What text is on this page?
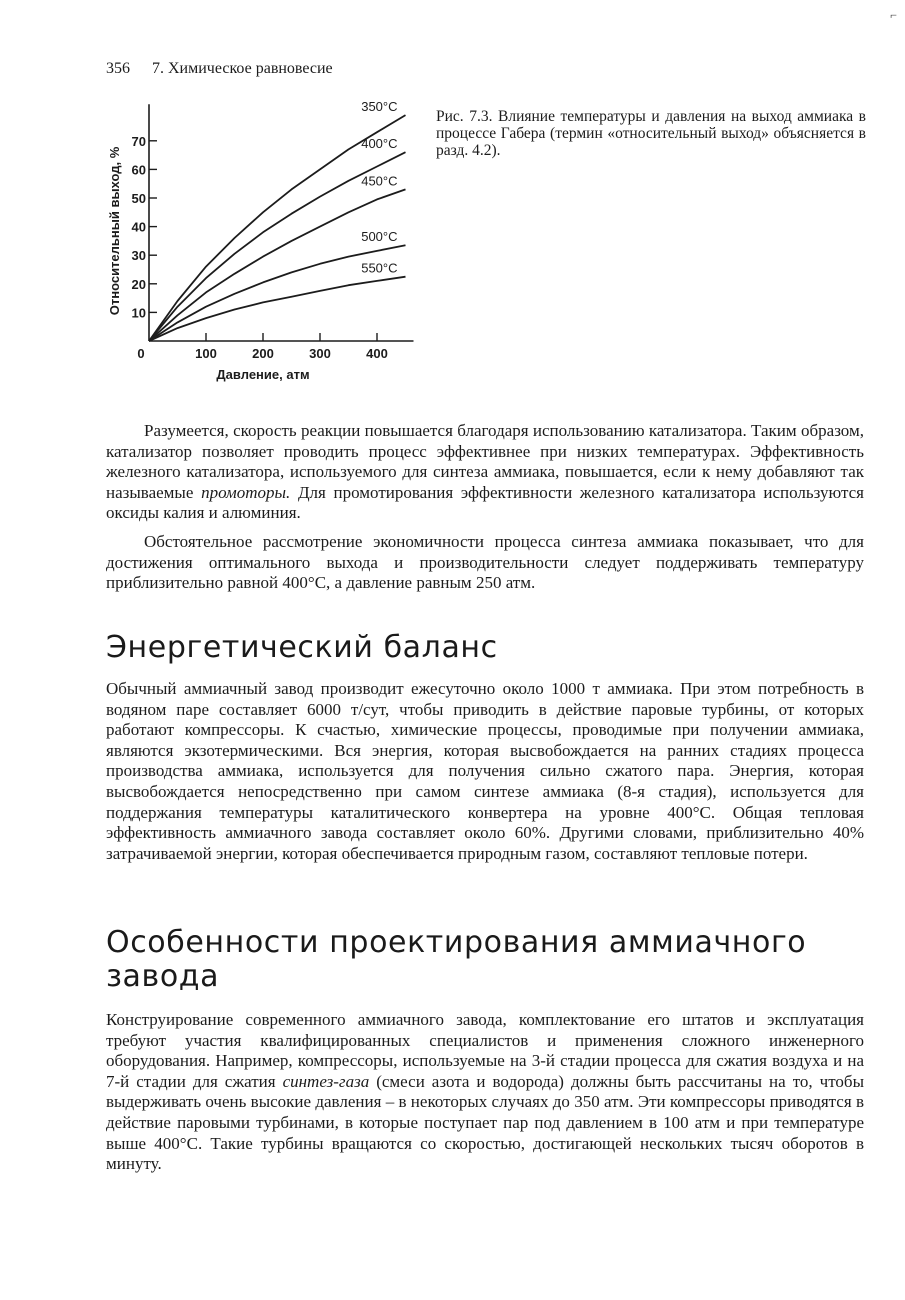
356 7. Химическое равновесие
⌐
10
20
30
40
50
60
70
0	100	200	300	400
Давление, атм
Относительный выход, %
350°C
400°C
450°C
500°C
550°C
Рис. 7.3. Влияние температуры и давления на выход аммиака в процессе Габера (термин «относительный выход» объясняется в разд. 4.2).

Разумеется, скорость реакции повышается благодаря использованию катализатора. Таким образом, катализатор позволяет проводить процесс эффективнее при низких температурах. Эффективность железного катализатора, используемого для синтеза аммиака, повышается, если к нему добавляют так называемые промоторы. Для промотирования эффективности железного катализатора используются оксиды калия и алюминия.

Обстоятельное рассмотрение экономичности процесса синтеза аммиака показывает, что для достижения оптимального выхода и производительности следует поддерживать температуру приблизительно равной 400°С, а давление равным 250 атм.

Энергетический баланс

Обычный аммиачный завод производит ежесуточно около 1000 т аммиака. При этом потребность в водяном паре составляет 6000 т/сут, чтобы приводить в действие паровые турбины, от которых работают компрессоры. К счастью, химические процессы, проводимые при получении аммиака, являются экзотермическими. Вся энергия, которая высвобождается на ранних стадиях процесса производства аммиака, используется для получения сильно сжатого пара. Энергия, которая высвобождается непосредственно при самом синтезе аммиака (8-я стадия), используется для поддержания температуры каталитического конвертера на уровне 400°С. Общая тепловая эффективность аммиачного завода составляет около 60%. Другими словами, приблизительно 40% затрачиваемой энергии, которая обеспечивается природным газом, составляют тепловые потери.

Особенности проектирования аммиачного завода

Конструирование современного аммиачного завода, комплектование его штатов и эксплуатация требуют участия квалифицированных специалистов и применения сложного инженерного оборудования. Например, компрессоры, используемые на 3-й стадии процесса для сжатия воздуха и на 7-й стадии для сжатия синтез-газа (смеси азота и водорода) должны быть рассчитаны на то, чтобы выдерживать очень высокие давления – в некоторых случаях до 350 атм. Эти компрессоры приводятся в действие паровыми турбинами, в которые поступает пар под давлением в 100 атм и при температуре выше 400°С. Такие турбины вращаются со скоростью, достигающей нескольких тысяч оборотов в минуту.
